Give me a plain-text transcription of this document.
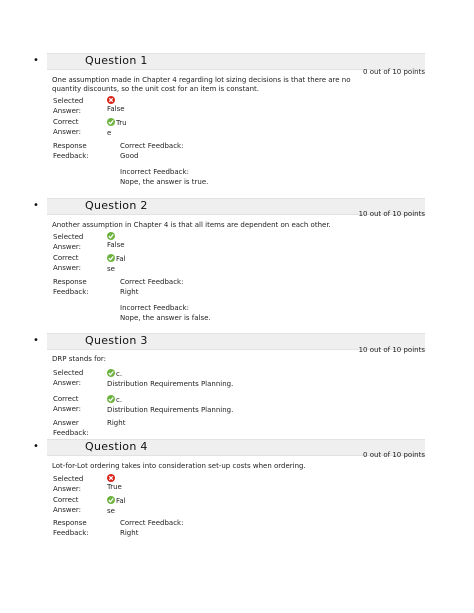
•	Question 1
0 out of 10 points
One assumption made in Chapter 4 regarding lot sizing decisions is that there are no quantity discounts, so the unit cost for an item is constant.
Selected Answer:	False
Correct Answer:
True
Response Feedback:
Correct Feedback:
Good
Incorrect Feedback:
Nope, the answer is true.
•	Question 2
10 out of 10 points
Another assumption in Chapter 4 is that all items are dependent on each other.
Selected Answer:	False
Correct Answer:
False
Response Feedback:
Correct Feedback:
Right
Incorrect Feedback:
Nope, the answer is false.
•	Question 3
10 out of 10 points
DRP stands for:
Selected Answer:
c.
Distribution Requirements Planning.
Correct Answer:
c.
Distribution Requirements Planning.
Answer Feedback:
Right
•	Question 4
0 out of 10 points
Lot-for-Lot ordering takes into consideration set-up costs when ordering.
Selected Answer:	True
Correct Answer:
False
Response Feedback:
Correct Feedback:
Right
